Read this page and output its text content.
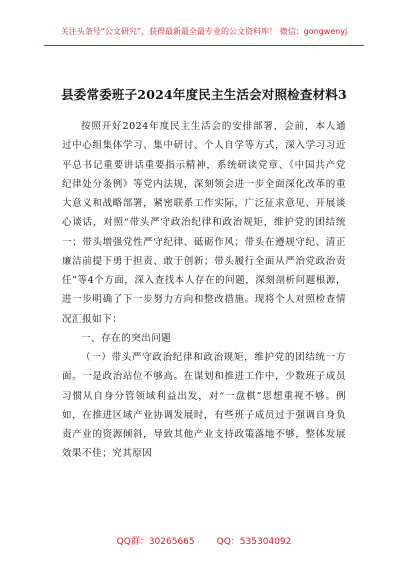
关注头条号“公文研究”，获得最新最全最专业的公文资料库！ 微信：gongwenyj
县委常委班子2024年度民主生活会对照检查材料3

按照开好2024年度民主生活会的安排部署，会前，本人通过中心组集体学习、集中研讨、个人自学等方式，深入学习习近平总书记重要讲话重要指示精神，系统研读党章、《中国共产党纪律处分条例》等党内法规，深刻领会进一步全面深化改革的重大意义和战略部署，紧密联系工作实际，广泛征求意见、开展谈心谈话，对照“带头严守政治纪律和政治规矩，维护党的团结统一；带头增强党性严守纪律、砥砺作风；带头在遵规守纪、清正廉洁前提下勇于担责、敢于创新；带头履行全面从严治党政治责任”等4个方面，深入查找本人存在的问题，深刻剖析问题根源，进一步明确了下一步努力方向和整改措施。现将个人对照检查情况汇报如下：

一、存在的突出问题

（一）带头严守政治纪律和政治规矩，维护党的团结统一方面。一是政治站位不够高。在谋划和推进工作中，少数班子成员习惯从自身分管领域利益出发，对“一盘棋”思想重视不够。例如，在推进区域产业协调发展时，有些班子成员过于强调自身负责产业的资源倾斜，导致其他产业支持政策落地不够，整体发展效果不佳；究其原因

QQ群：30265665 QQ：535304092
